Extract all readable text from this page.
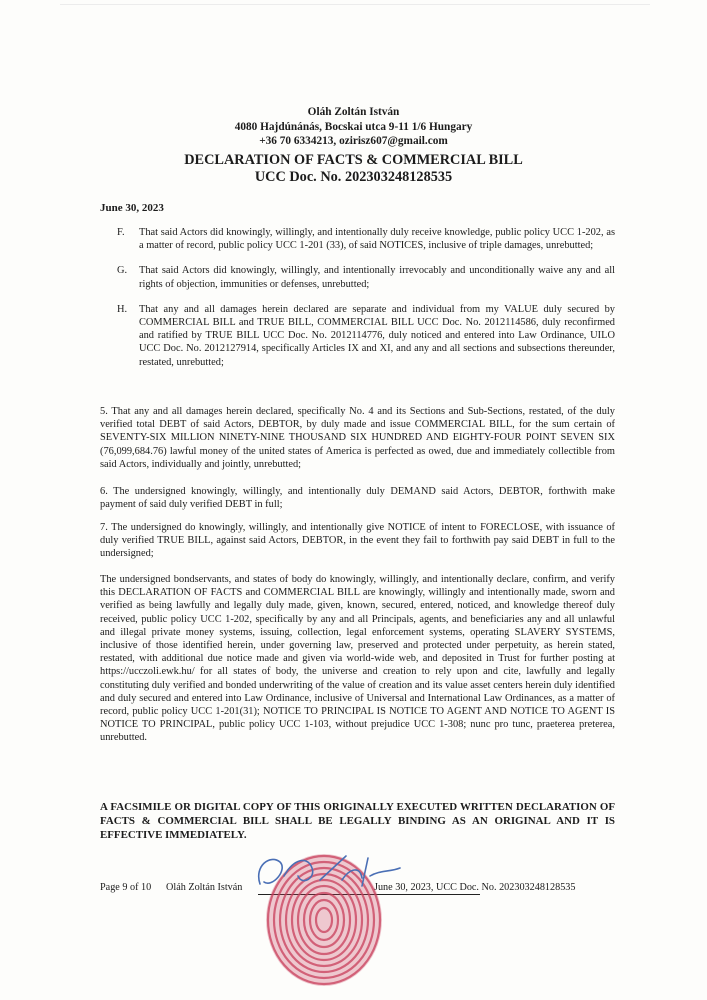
Oláh Zoltán István
4080 Hajdúnánás, Bocskai utca 9-11 1/6 Hungary
+36 70 6334213, ozirisz607@gmail.com
DECLARATION OF FACTS & COMMERCIAL BILL
UCC Doc. No. 202303248128535
June 30, 2023
F.	That said Actors did knowingly, willingly, and intentionally duly receive knowledge, public policy UCC 1-202, as a matter of record, public policy UCC 1-201 (33), of said NOTICES, inclusive of triple damages, unrebutted;
G.	That said Actors did knowingly, willingly, and intentionally irrevocably and unconditionally waive any and all rights of objection, immunities or defenses, unrebutted;
H.	That any and all damages herein declared are separate and individual from my VALUE duly secured by COMMERCIAL BILL and TRUE BILL, COMMERCIAL BILL UCC Doc. No. 2012114586, duly reconfirmed and ratified by TRUE BILL UCC Doc. No. 2012114776, duly noticed and entered into Law Ordinance, UILO UCC Doc. No. 2012127914, specifically Articles IX and XI, and any and all sections and subsections thereunder, restated, unrebutted;
5. That any and all damages herein declared, specifically No. 4 and its Sections and Sub-Sections, restated, of the duly verified total DEBT of said Actors, DEBTOR, by duly made and issue COMMERCIAL BILL, for the sum certain of SEVENTY-SIX MILLION NINETY-NINE THOUSAND SIX HUNDRED AND EIGHTY-FOUR POINT SEVEN SIX (76,099,684.76) lawful money of the united states of America is perfected as owed, due and immediately collectible from said Actors, individually and jointly, unrebutted;
6. The undersigned knowingly, willingly, and intentionally duly DEMAND said Actors, DEBTOR, forthwith make payment of said duly verified DEBT in full;
7. The undersigned do knowingly, willingly, and intentionally give NOTICE of intent to FORECLOSE, with issuance of duly verified TRUE BILL, against said Actors, DEBTOR, in the event they fail to forthwith pay said DEBT in full to the undersigned;
The undersigned bondservants, and states of body do knowingly, willingly, and intentionally declare, confirm, and verify this DECLARATION OF FACTS and COMMERCIAL BILL are knowingly, willingly and intentionally made, sworn and verified as being lawfully and legally duly made, given, known, secured, entered, noticed, and knowledge thereof duly received, public policy UCC 1-202, specifically by any and all Principals, agents, and beneficiaries any and all unlawful and illegal private money systems, issuing, collection, legal enforcement systems, operating SLAVERY SYSTEMS, inclusive of those identified herein, under governing law, preserved and protected under perpetuity, as herein stated, restated, with additional due notice made and given via world-wide web, and deposited in Trust for further posting at https://ucczoli.ewk.hu/ for all states of body, the universe and creation to rely upon and cite, lawfully and legally constituting duly verified and bonded underwriting of the value of creation and its value asset centers herein duly identified and duly secured and entered into Law Ordinance, inclusive of Universal and International Law Ordinances, as a matter of record, public policy UCC 1-201(31); NOTICE TO PRINCIPAL IS NOTICE TO AGENT AND NOTICE TO AGENT IS NOTICE TO PRINCIPAL, public policy UCC 1-103, without prejudice UCC 1-308; nunc pro tunc, praeterea preterea, unrebutted.
A FACSIMILE OR DIGITAL COPY OF THIS ORIGINALLY EXECUTED WRITTEN DECLARATION OF FACTS & COMMERCIAL BILL SHALL BE LEGALLY BINDING AS AN ORIGINAL AND IT IS EFFECTIVE IMMEDIATELY.
Page 9 of 10 Oláh Zoltán István	June 30, 2023, UCC Doc. No. 202303248128535
